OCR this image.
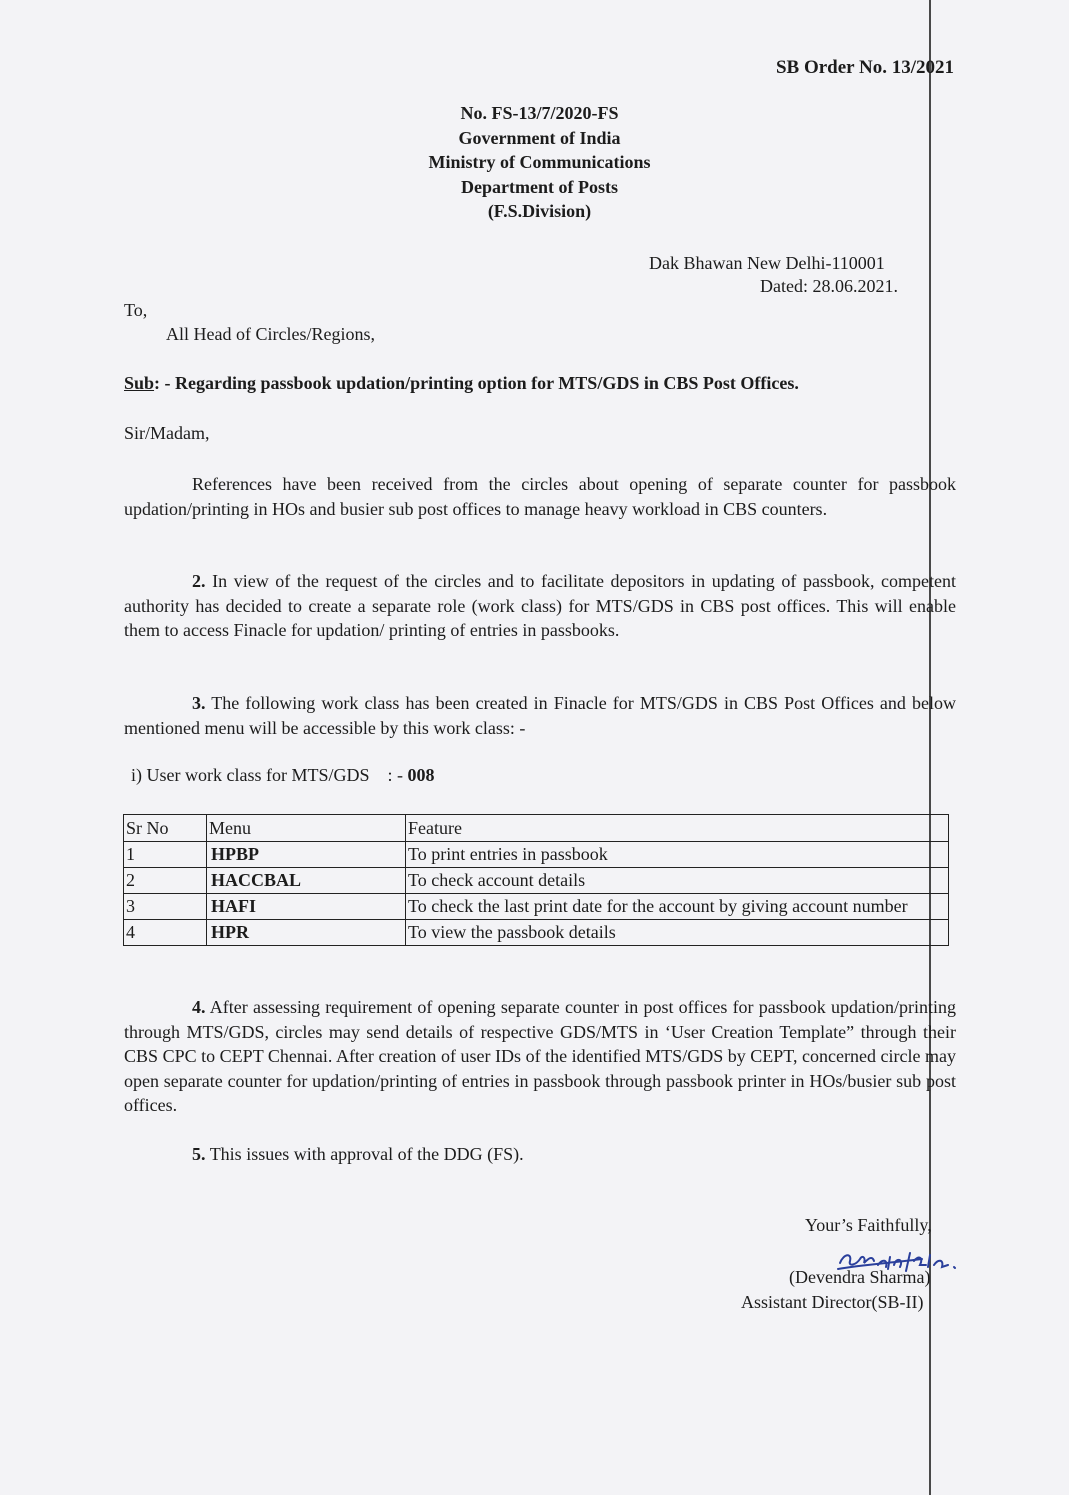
SB Order No. 13/2021
No. FS-13/7/2020-FS
Government of India
Ministry of Communications
Department of Posts
(F.S.Division)
Dak Bhawan New Delhi-110001
Dated: 28.06.2021.
To,
All Head of Circles/Regions,
Sub: - Regarding passbook updation/printing option for MTS/GDS in CBS Post Offices.
Sir/Madam,

References have been received from the circles about opening of separate counter for passbook updation/printing in HOs and busier sub post offices to manage heavy workload in CBS counters.

2. In view of the request of the circles and to facilitate depositors in updating of passbook, competent authority has decided to create a separate role (work class) for MTS/GDS in CBS post offices. This will enable them to access Finacle for updation/ printing of entries in passbooks.

3. The following work class has been created in Finacle for MTS/GDS in CBS Post Offices and below mentioned menu will be accessible by this work class: -

i) User work class for MTS/GDS : - 008
Sr No	Menu	Feature
1	HPBP	To print entries in passbook
2	HACCBAL	To check account details
3	HAFI	To check the last print date for the account by giving account number
4	HPR	To view the passbook details

4. After assessing requirement of opening separate counter in post offices for passbook updation/printing through MTS/GDS, circles may send details of respective GDS/MTS in ‘User Creation Template” through their CBS CPC to CEPT Chennai. After creation of user IDs of the identified MTS/GDS by CEPT, concerned circle may open separate counter for updation/printing of entries in passbook through passbook printer in HOs/busier sub post offices.

5. This issues with approval of the DDG (FS).

Your’s Faithfully,
(Devendra Sharma)
Assistant Director(SB-II)
